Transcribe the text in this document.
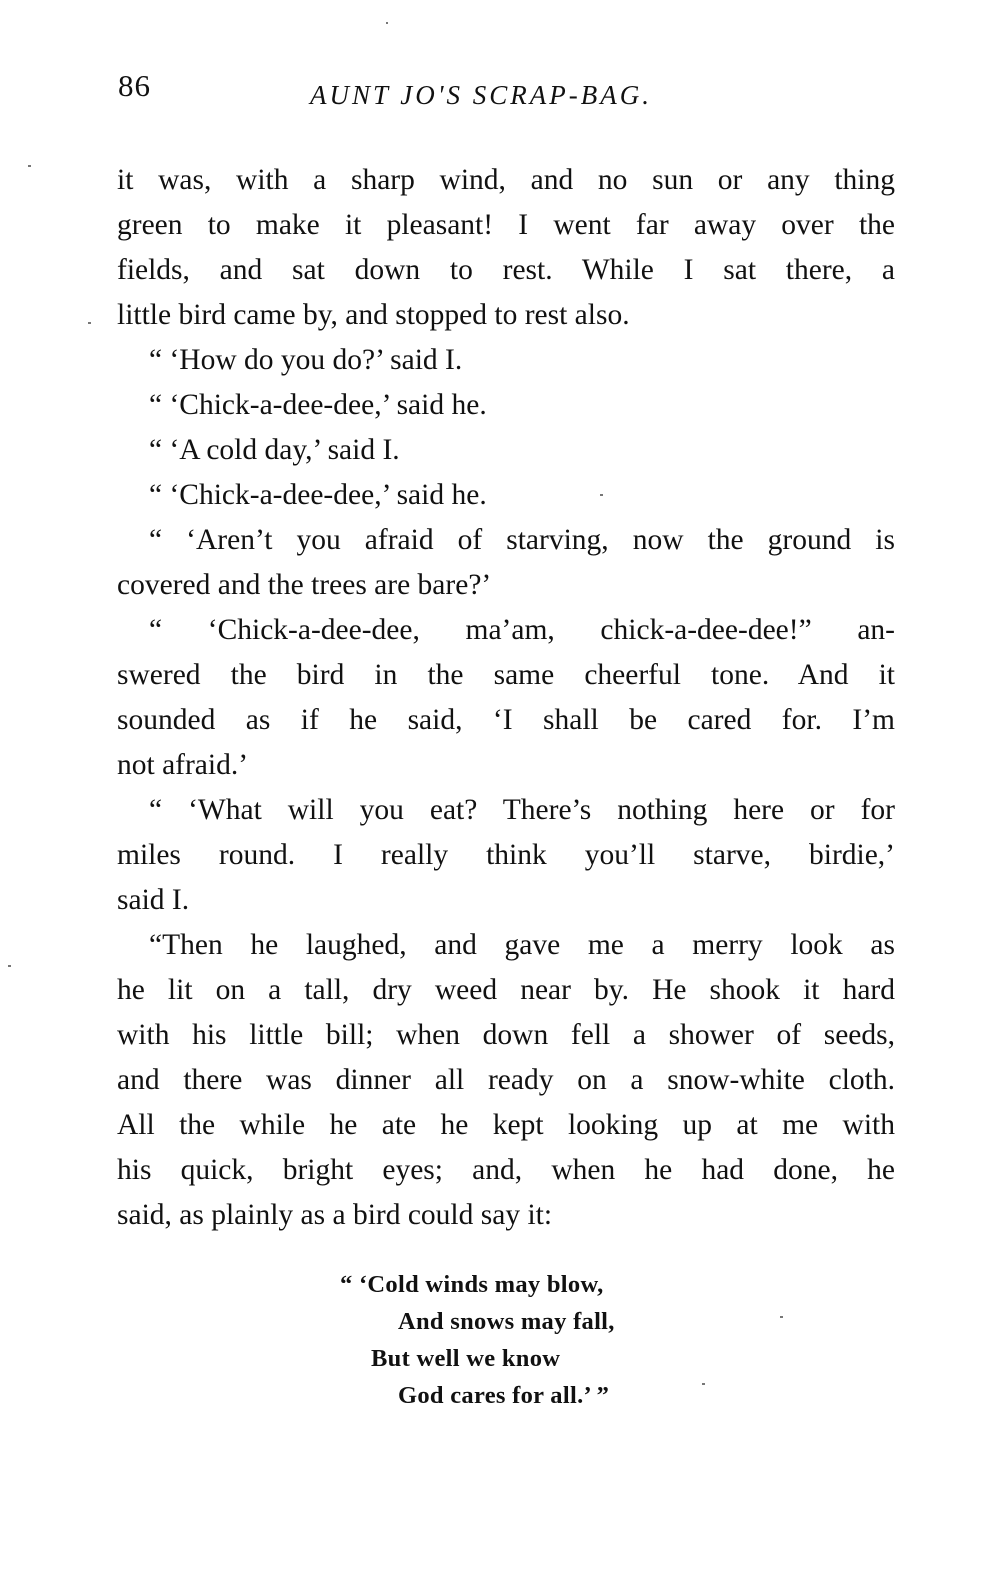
86	AUNT JO'S SCRAP-BAG.
it was, with a sharp wind, and no sun or any thing
green to make it pleasant! I went far away over the
fields, and sat down to rest. While I sat there, a
little bird came by, and stopped to rest also.
“ ‘How do you do?’ said I.
“ ‘Chick-a-dee-dee,’ said he.
“ ‘A cold day,’ said I.
“ ‘Chick-a-dee-dee,’ said he.
“ ‘Aren’t you afraid of starving, now the ground is
covered and the trees are bare?’
“ ‘Chick-a-dee-dee, ma’am, chick-a-dee-dee!” an-
swered the bird in the same cheerful tone. And it
sounded as if he said, ‘I shall be cared for. I’m
not afraid.’
“ ‘What will you eat? There’s nothing here or for
miles round. I really think you’ll starve, birdie,’
said I.
“Then he laughed, and gave me a merry look as
he lit on a tall, dry weed near by. He shook it hard
with his little bill; when down fell a shower of seeds,
and there was dinner all ready on a snow-white cloth.
All the while he ate he kept looking up at me with
his quick, bright eyes; and, when he had done, he
said, as plainly as a bird could say it:
“ ‘Cold winds may blow,
And snows may fall,
But well we know
God cares for all.’ ”
